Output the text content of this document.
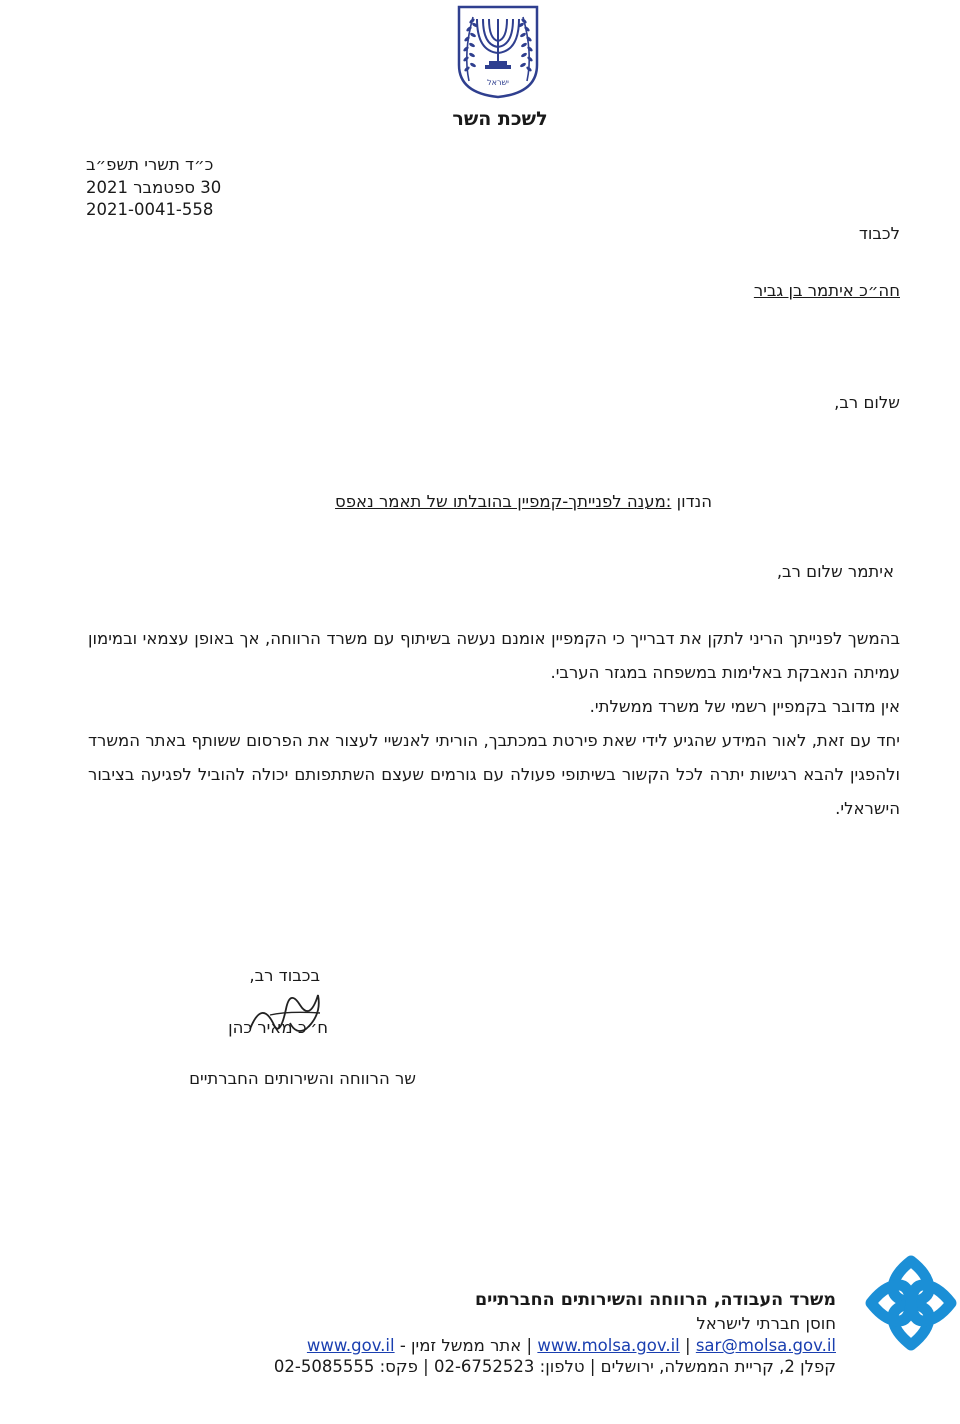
ישראל
לשכת השר
כ״ד תשרי תשפ״ב
30 ספטמבר 2021
2021-0041-558
לכבוד
חה״כ איתמר בן גביר
שלום רב,
הנדון :מענה לפנייתך-קמפיין בהובלתו של תאמר נאפס
איתמר שלום רב,

בהמשך לפנייתך הריני לתקן את דברייך כי הקמפיין אומנם נעשה בשיתוף עם משרד הרווחה, אך באופן עצמאי ובמימון עמיתה הנאבקת באלימות במשפחה במגזר הערבי.

אין מדובר בקמפיין רשמי של משרד ממשלתי.

יחד עם זאת, לאור המידע שהגיע לידי שאת פירטת במכתבך, הוריתי לאנשיי לעצור את הפרסום ששותף באתר המשרד ולהפגין להבא רגישות יתרה לכל הקשור בשיתופי פעולה עם גורמים שעצם השתתפותם יכולה להוביל לפגיעה בציבור הישראלי.

בכבוד רב,
ח״כ מאיר כהן
שר הרווחה והשירותים החברתיים
משרד העבודה, הרווחה והשירותים החברתיים
חוסן חברתי לישראל
www.molsa.gov.il | sar@molsa.gov.il | אתר ממשל זמין - www.gov.il
קפלן 2, קריית הממשלה, ירושלים | טלפון: 02-6752523 | פקס: 02-5085555
